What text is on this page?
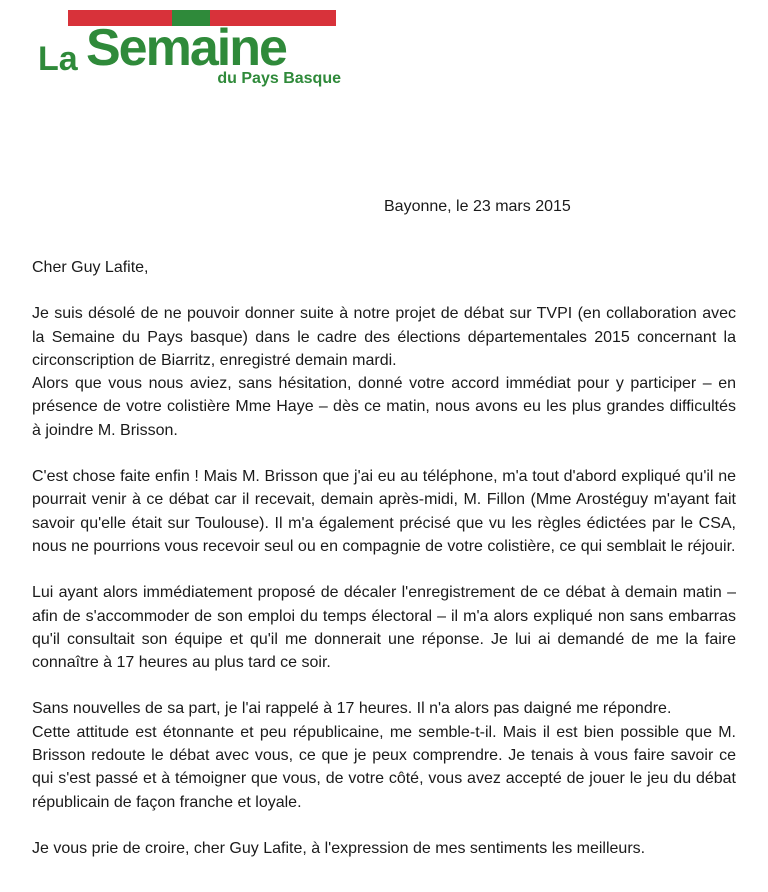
La Semaine
du Pays Basque
Bayonne, le 23 mars 2015

Cher Guy Lafite,

Je suis désolé de ne pouvoir donner suite à notre projet de débat sur TVPI (en collaboration avec la Semaine du Pays basque) dans le cadre des élections départementales 2015 concernant la circonscription de Biarritz, enregistré demain mardi.

Alors que vous nous aviez, sans hésitation, donné votre accord immédiat pour y participer – en présence de votre colistière Mme Haye – dès ce matin, nous avons eu les plus grandes difficultés à joindre M. Brisson.

C'est chose faite enfin ! Mais M. Brisson que j'ai eu au téléphone, m'a tout d'abord expliqué qu'il ne pourrait venir à ce débat car il recevait, demain après-midi, M. Fillon (Mme Arostéguy m'ayant fait savoir qu'elle était sur Toulouse). Il m'a également précisé que vu les règles édictées par le CSA, nous ne pourrions vous recevoir seul ou en compagnie de votre colistière, ce qui semblait le réjouir.

Lui ayant alors immédiatement proposé de décaler l'enregistrement de ce débat à demain matin – afin de s'accommoder de son emploi du temps électoral – il m'a alors expliqué non sans embarras qu'il consultait son équipe et qu'il me donnerait une réponse. Je lui ai demandé de me la faire connaître à 17 heures au plus tard ce soir.

Sans nouvelles de sa part, je l'ai rappelé à 17 heures. Il n'a alors pas daigné me répondre.

Cette attitude est étonnante et peu républicaine, me semble-t-il. Mais il est bien possible que M. Brisson redoute le débat avec vous, ce que je peux comprendre. Je tenais à vous faire savoir ce qui s'est passé et à témoigner que vous, de votre côté, vous avez accepté de jouer le jeu du débat républicain de façon franche et loyale.

Je vous prie de croire, cher Guy Lafite, à l'expression de mes sentiments les meilleurs.
